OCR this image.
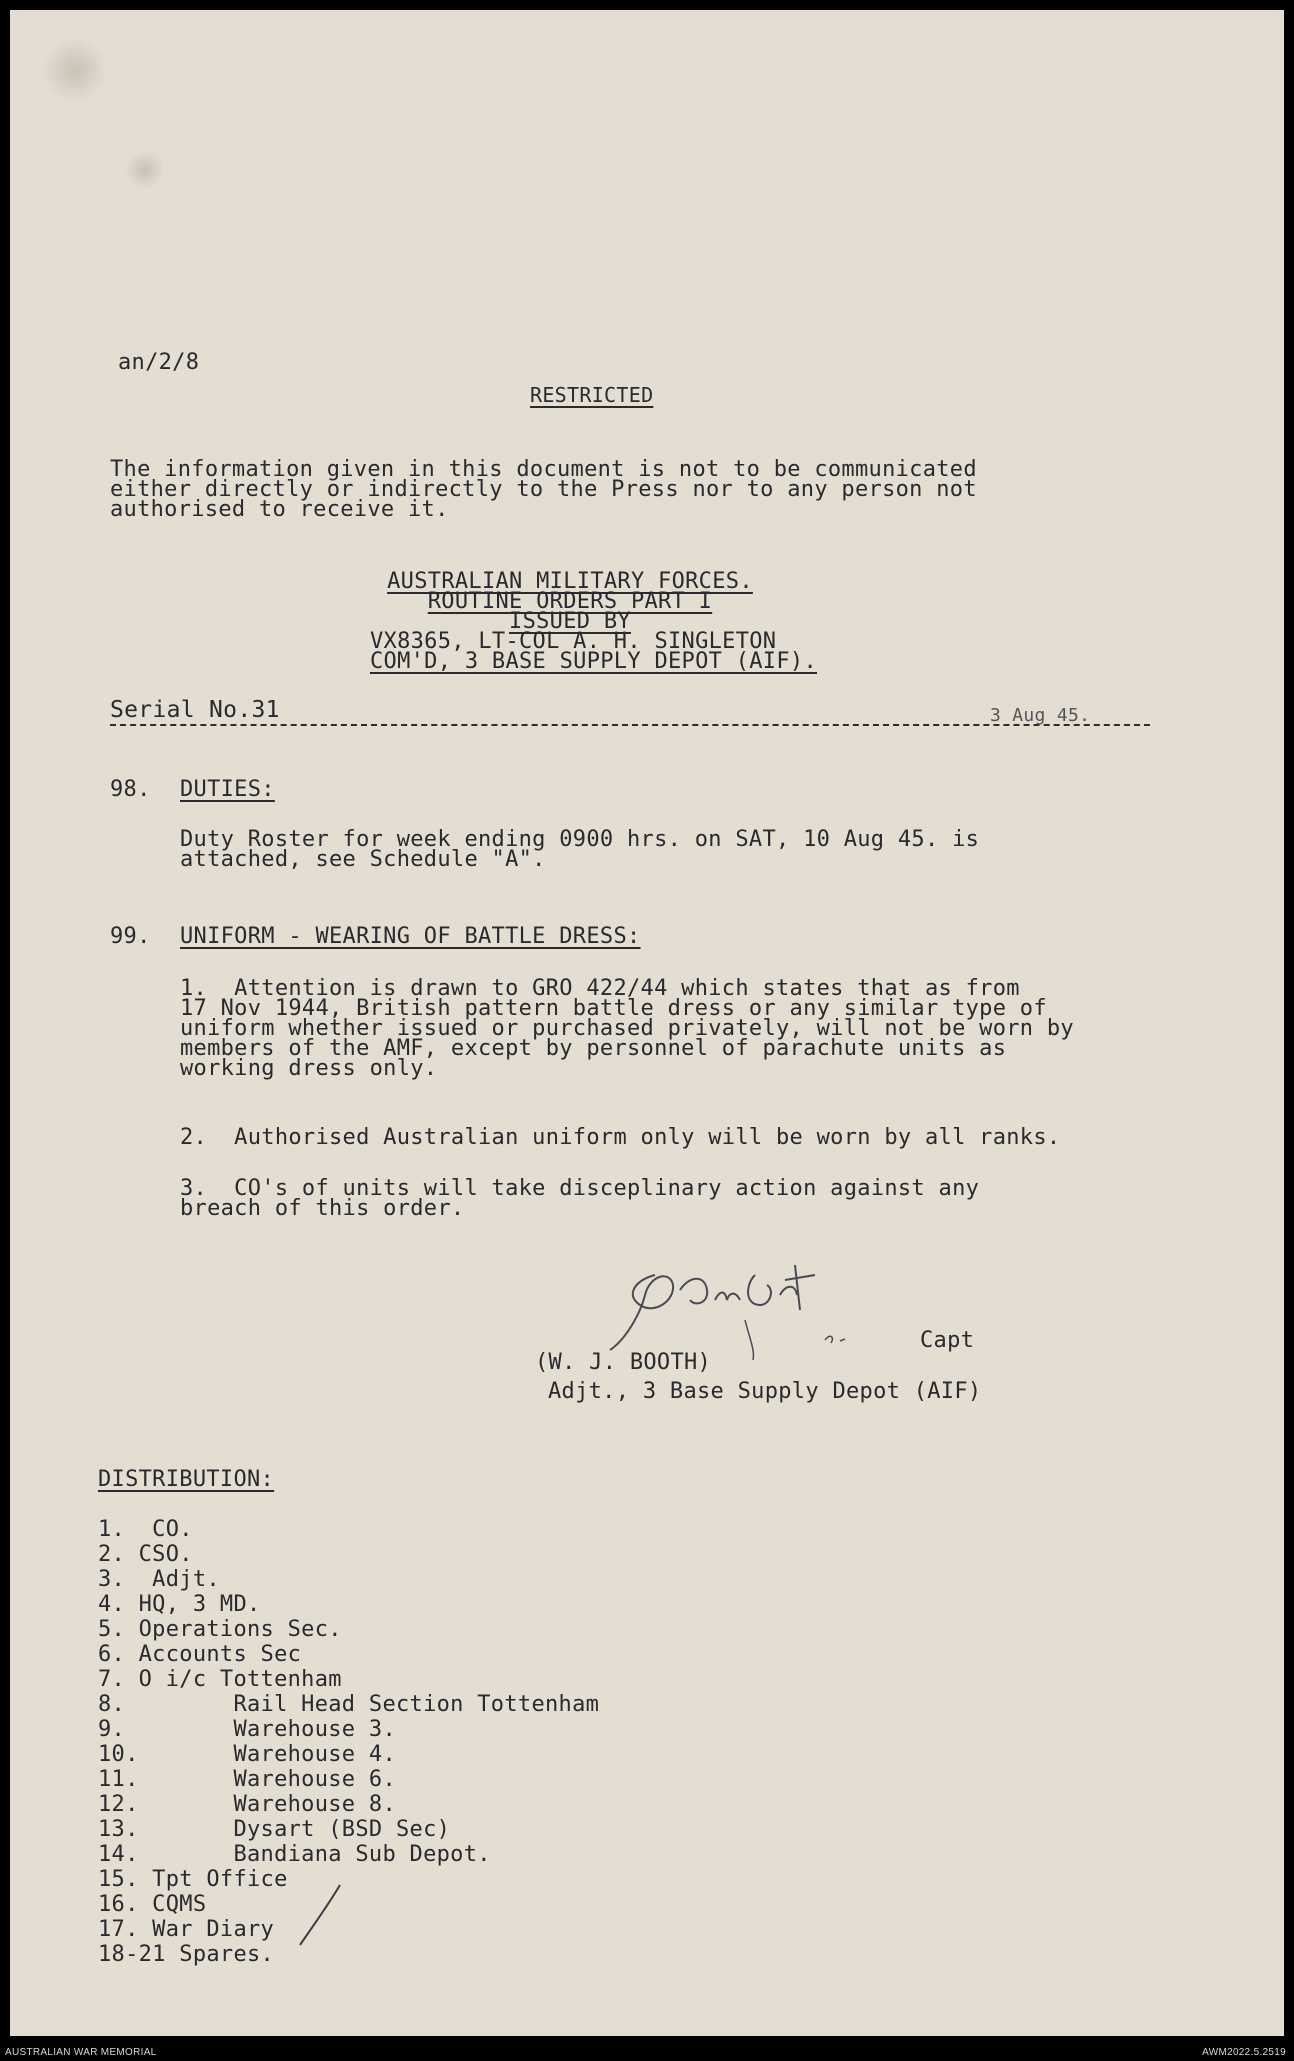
an/2/8
RESTRICTED
The information given in this document is not to be communicated
either directly or indirectly to the Press nor to any person not
authorised to receive it.
AUSTRALIAN MILITARY FORCES.
ROUTINE ORDERS PART I
ISSUED BY
VX8365, LT-COL A. H. SINGLETON
COM'D, 3 BASE SUPPLY DEPOT (AIF).
Serial No.31	3 Aug 45.
98. DUTIES:
Duty Roster for week ending 0900 hrs. on SAT, 10 Aug 45. is
attached, see Schedule "A".
99. UNIFORM - WEARING OF BATTLE DRESS:
1.  Attention is drawn to GRO 422/44 which states that as from
17 Nov 1944, British pattern battle dress or any similar type of
uniform whether issued or purchased privately, will not be worn by
members of the AMF, except by personnel of parachute units as
working dress only.
2.  Authorised Australian uniform only will be worn by all ranks.
3.  CO's of units will take disceplinary action against any
breach of this order.
Capt
(W. J. BOOTH)
Adjt., 3 Base Supply Depot (AIF)
DISTRIBUTION:
1.  CO.
2. CSO.
3.  Adjt.
4. HQ, 3 MD.
5. Operations Sec.
6. Accounts Sec
7. O i/c Tottenham
8.        Rail Head Section Tottenham
9.        Warehouse 3.
10.       Warehouse 4.
11.       Warehouse 6.
12.       Warehouse 8.
13.       Dysart (BSD Sec)
14.       Bandiana Sub Depot.
15. Tpt Office
16. CQMS
17. War Diary
18-21 Spares.
AUSTRALIAN WAR MEMORIAL	AWM2022.5.2519
